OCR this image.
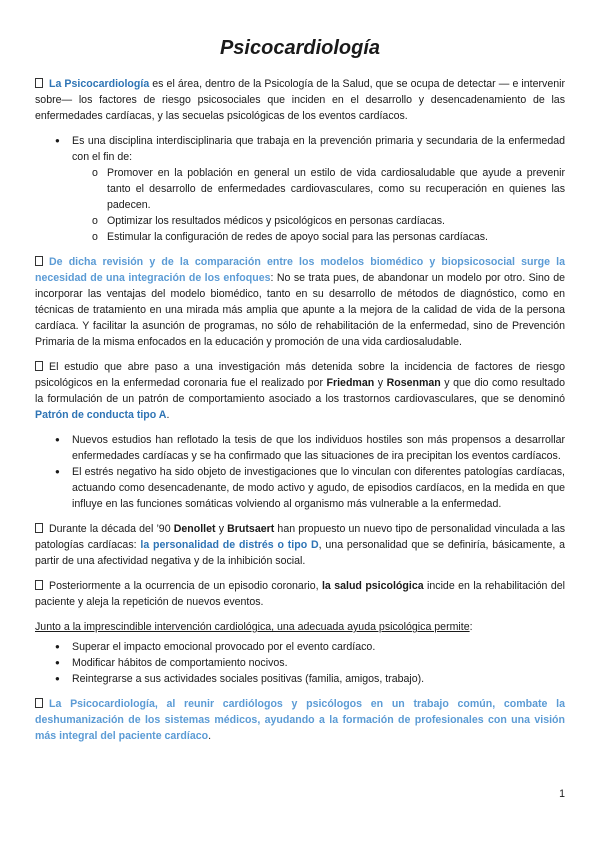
Psicocardiología

La Psicocardiología es el área, dentro de la Psicología de la Salud, que se ocupa de detectar — e intervenir sobre— los factores de riesgo psicosociales que inciden en el desarrollo y desencadenamiento de las enfermedades cardíacas, y las secuelas psicológicas de los eventos cardíacos.

● Es una disciplina interdisciplinaria que trabaja en la prevención primaria y secundaria de la enfermedad con el fin de:
o Promover en la población en general un estilo de vida cardiosaludable que ayude a prevenir tanto el desarrollo de enfermedades cardiovasculares, como su recuperación en quienes las padecen.
o Optimizar los resultados médicos y psicológicos en personas cardíacas.
o Estimular la configuración de redes de apoyo social para las personas cardíacas.

De dicha revisión y de la comparación entre los modelos biomédico y biopsicosocial surge la necesidad de una integración de los enfoques: No se trata pues, de abandonar un modelo por otro. Sino de incorporar las ventajas del modelo biomédico, tanto en su desarrollo de métodos de diagnóstico, como en técnicas de tratamiento en una mirada más amplia que apunte a la mejora de la calidad de vida de la persona cardíaca. Y facilitar la asunción de programas, no sólo de rehabilitación de la enfermedad, sino de Prevención Primaria de la misma enfocados en la educación y promoción de una vida cardiosaludable.

El estudio que abre paso a una investigación más detenida sobre la incidencia de factores de riesgo psicológicos en la enfermedad coronaria fue el realizado por Friedman y Rosenman y que dio como resultado la formulación de un patrón de comportamiento asociado a los trastornos cardiovasculares, que se denominó Patrón de conducta tipo A.

● Nuevos estudios han reflotado la tesis de que los individuos hostiles son más propensos a desarrollar enfermedades cardíacas y se ha confirmado que las situaciones de ira precipitan los eventos cardíacos.
● El estrés negativo ha sido objeto de investigaciones que lo vinculan con diferentes patologías cardíacas, actuando como desencadenante, de modo activo y agudo, de episodios cardíacos, en la medida en que influye en las funciones somáticas volviendo al organismo más vulnerable a la enfermedad.

Durante la década del ’90 Denollet y Brutsaert han propuesto un nuevo tipo de personalidad vinculada a las patologías cardíacas: la personalidad de distrés o tipo D, una personalidad que se definiría, básicamente, a partir de una afectividad negativa y de la inhibición social.

Posteriormente a la ocurrencia de un episodio coronario, la salud psicológica incide en la rehabilitación del paciente y aleja la repetición de nuevos eventos.

Junto a la imprescindible intervención cardiológica, una adecuada ayuda psicológica permite:

● Superar el impacto emocional provocado por el evento cardíaco.
● Modificar hábitos de comportamiento nocivos.
● Reintegrarse a sus actividades sociales positivas (familia, amigos, trabajo).

La Psicocardiología, al reunir cardiólogos y psicólogos en un trabajo común, combate la deshumanización de los sistemas médicos, ayudando a la formación de profesionales con una visión más integral del paciente cardíaco.

1
